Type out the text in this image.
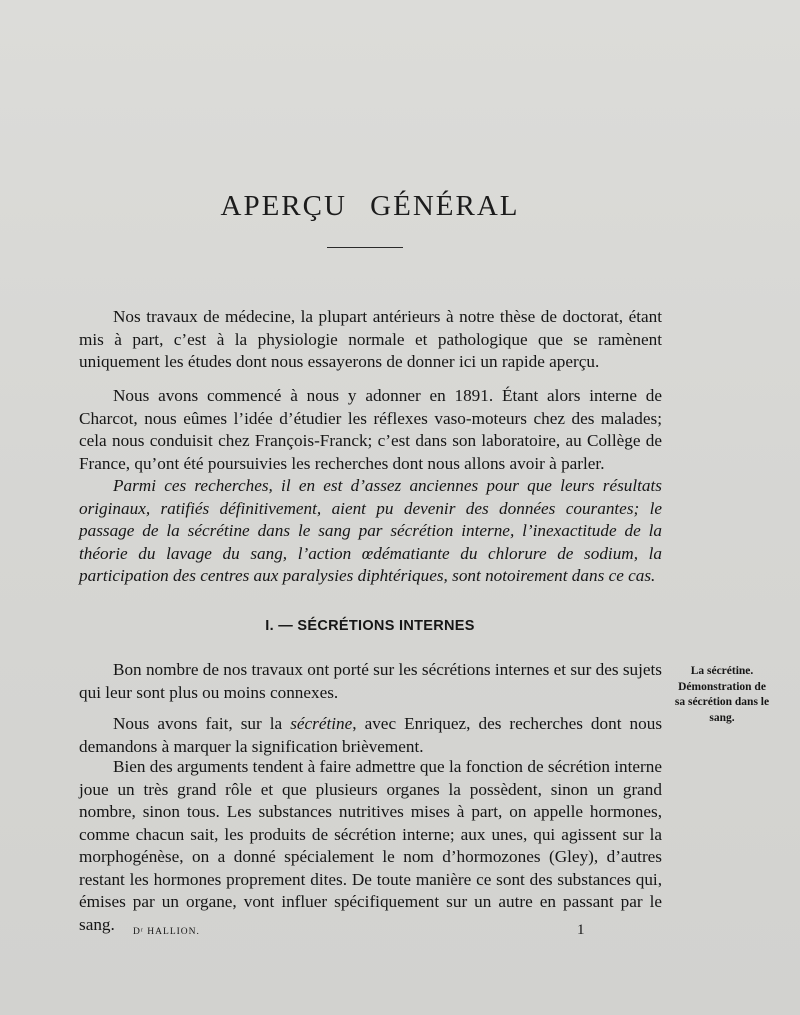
APERÇU GÉNÉRAL

Nos travaux de médecine, la plupart antérieurs à notre thèse de doctorat, étant mis à part, c’est à la physiologie normale et pathologique que se ramènent uniquement les études dont nous essayerons de donner ici un rapide aperçu.

Nous avons commencé à nous y adonner en 1891. Étant alors interne de Charcot, nous eûmes l’idée d’étudier les réflexes vaso-moteurs chez des malades; cela nous conduisit chez François-Franck; c’est dans son laboratoire, au Collège de France, qu’ont été poursuivies les recherches dont nous allons avoir à parler.

Parmi ces recherches, il en est d’assez anciennes pour que leurs résultats originaux, ratifiés définitivement, aient pu devenir des données courantes; le passage de la sécrétine dans le sang par sécrétion interne, l’inexactitude de la théorie du lavage du sang, l’action œdématiante du chlorure de sodium, la participation des centres aux paralysies diphtériques, sont notoirement dans ce cas.

I. — SÉCRÉTIONS INTERNES

Bon nombre de nos travaux ont porté sur les sécrétions internes et sur des sujets qui leur sont plus ou moins connexes.

Nous avons fait, sur la sécrétine, avec Enriquez, des recherches dont nous demandons à marquer la signification brièvement.

Bien des arguments tendent à faire admettre que la fonction de sécrétion interne joue un très grand rôle et que plusieurs organes la possèdent, sinon un grand nombre, sinon tous. Les substances nutritives mises à part, on appelle hormones, comme chacun sait, les produits de sécrétion interne; aux unes, qui agissent sur la morphogénèse, on a donné spécialement le nom d’hormozones (Gley), d’autres restant les hormones proprement dites. De toute manière ce sont des substances qui, émises par un organe, vont influer spécifiquement sur un autre en passant par le sang.

La sécrétine. Démonstration de sa sécrétion dans le sang.
Dʳ HALLION.	1
